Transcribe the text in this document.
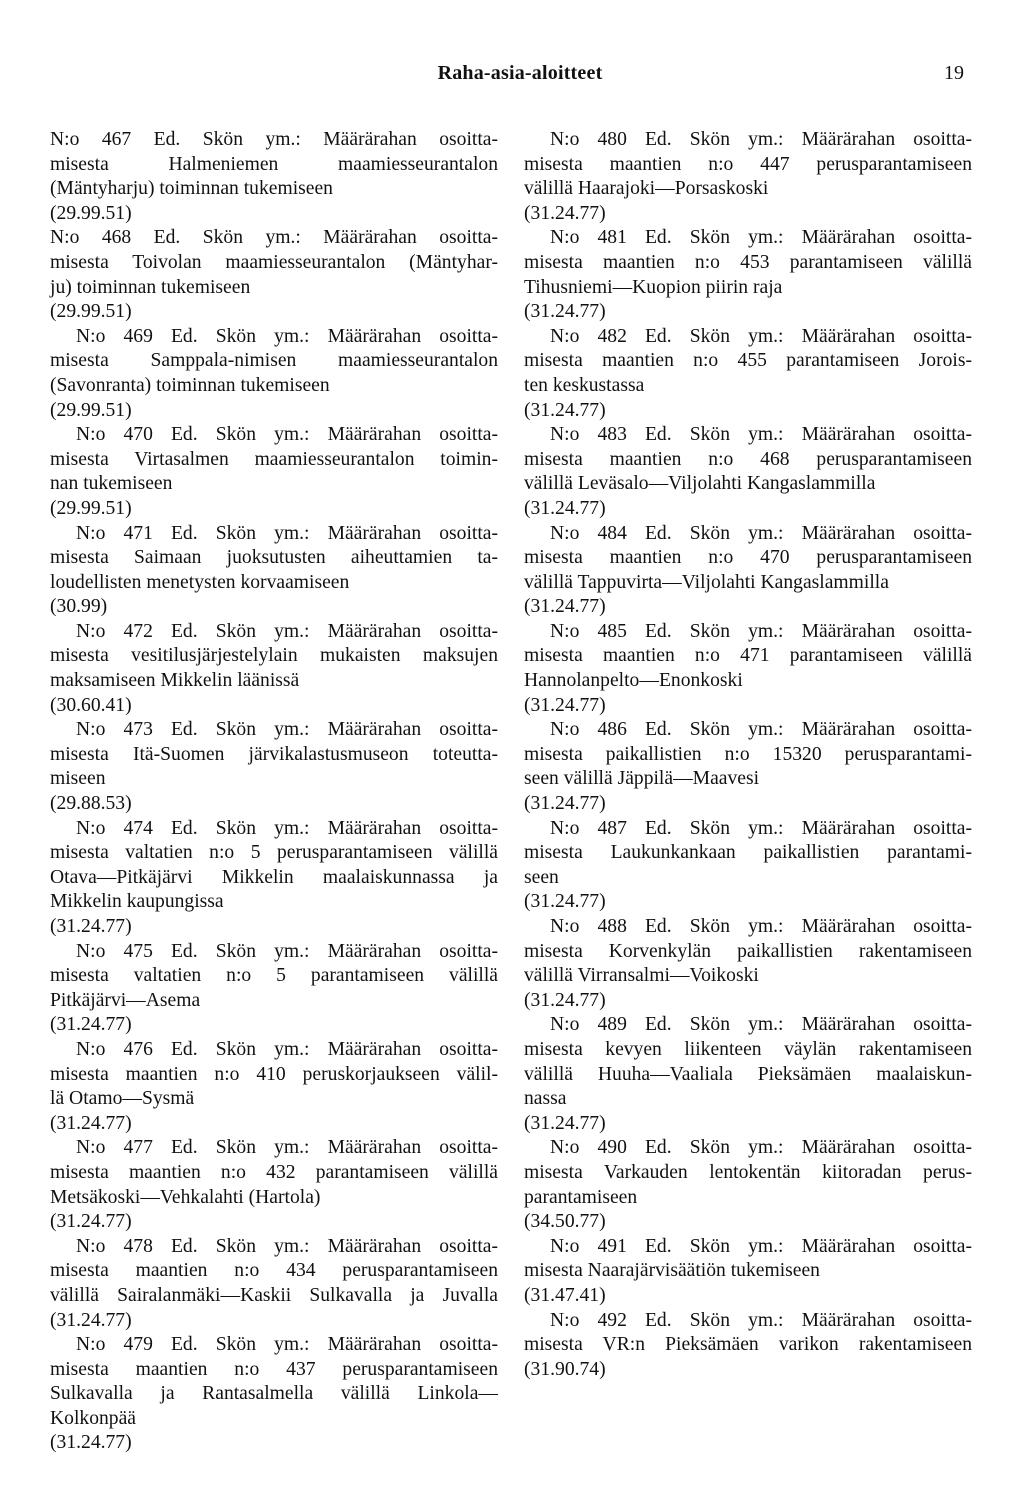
Raha-asia-aloitteet	19
N:o 467 Ed. Skön ym.: Määrärahan osoitta-
misesta Halmeniemen maamiesseurantalon
(Mäntyharju) toiminnan tukemiseen
(29.99.51)
N:o 468 Ed. Skön ym.: Määrärahan osoitta-
misesta Toivolan maamiesseurantalon (Mäntyhar-
ju) toiminnan tukemiseen
(29.99.51)
N:o 469 Ed. Skön ym.: Määrärahan osoitta-
misesta Samppala-nimisen maamiesseurantalon
(Savonranta) toiminnan tukemiseen
(29.99.51)
N:o 470 Ed. Skön ym.: Määrärahan osoitta-
misesta Virtasalmen maamiesseurantalon toimin-
nan tukemiseen
(29.99.51)
N:o 471 Ed. Skön ym.: Määrärahan osoitta-
misesta Saimaan juoksutusten aiheuttamien ta-
loudellisten menetysten korvaamiseen
(30.99)
N:o 472 Ed. Skön ym.: Määrärahan osoitta-
misesta vesitilusjärjestelylain mukaisten maksujen
maksamiseen Mikkelin läänissä
(30.60.41)
N:o 473 Ed. Skön ym.: Määrärahan osoitta-
misesta Itä-Suomen järvikalastusmuseon toteutta-
miseen
(29.88.53)
N:o 474 Ed. Skön ym.: Määrärahan osoitta-
misesta valtatien n:o 5 perusparantamiseen välillä
Otava—Pitkäjärvi Mikkelin maalaiskunnassa ja
Mikkelin kaupungissa
(31.24.77)
N:o 475 Ed. Skön ym.: Määrärahan osoitta-
misesta valtatien n:o 5 parantamiseen välillä
Pitkäjärvi—Asema
(31.24.77)
N:o 476 Ed. Skön ym.: Määrärahan osoitta-
misesta maantien n:o 410 peruskorjaukseen välil-
lä Otamo—Sysmä
(31.24.77)
N:o 477 Ed. Skön ym.: Määrärahan osoitta-
misesta maantien n:o 432 parantamiseen välillä
Metsäkoski—Vehkalahti (Hartola)
(31.24.77)
N:o 478 Ed. Skön ym.: Määrärahan osoitta-
misesta maantien n:o 434 perusparantamiseen
välillä Sairalanmäki—Kaskii Sulkavalla ja Juvalla
(31.24.77)
N:o 479 Ed. Skön ym.: Määrärahan osoitta-
misesta maantien n:o 437 perusparantamiseen
Sulkavalla ja Rantasalmella välillä Linkola—
Kolkonpää
(31.24.77)
N:o 480 Ed. Skön ym.: Määrärahan osoitta-
misesta maantien n:o 447 perusparantamiseen
välillä Haarajoki—Porsaskoski
(31.24.77)
N:o 481 Ed. Skön ym.: Määrärahan osoitta-
misesta maantien n:o 453 parantamiseen välillä
Tihusniemi—Kuopion piirin raja
(31.24.77)
N:o 482 Ed. Skön ym.: Määrärahan osoitta-
misesta maantien n:o 455 parantamiseen Jorois-
ten keskustassa
(31.24.77)
N:o 483 Ed. Skön ym.: Määrärahan osoitta-
misesta maantien n:o 468 perusparantamiseen
välillä Leväsalo—Viljolahti Kangaslammilla
(31.24.77)
N:o 484 Ed. Skön ym.: Määrärahan osoitta-
misesta maantien n:o 470 perusparantamiseen
välillä Tappuvirta—Viljolahti Kangaslammilla
(31.24.77)
N:o 485 Ed. Skön ym.: Määrärahan osoitta-
misesta maantien n:o 471 parantamiseen välillä
Hannolanpelto—Enonkoski
(31.24.77)
N:o 486 Ed. Skön ym.: Määrärahan osoitta-
misesta paikallistien n:o 15320 perusparantami-
seen välillä Jäppilä—Maavesi
(31.24.77)
N:o 487 Ed. Skön ym.: Määrärahan osoitta-
misesta Laukunkankaan paikallistien parantami-
seen
(31.24.77)
N:o 488 Ed. Skön ym.: Määrärahan osoitta-
misesta Korvenkylän paikallistien rakentamiseen
välillä Virransalmi—Voikoski
(31.24.77)
N:o 489 Ed. Skön ym.: Määrärahan osoitta-
misesta kevyen liikenteen väylän rakentamiseen
välillä Huuha—Vaaliala Pieksämäen maalaiskun-
nassa
(31.24.77)
N:o 490 Ed. Skön ym.: Määrärahan osoitta-
misesta Varkauden lentokentän kiitoradan perus-
parantamiseen
(34.50.77)
N:o 491 Ed. Skön ym.: Määrärahan osoitta-
misesta Naarajärvisäätiön tukemiseen
(31.47.41)
N:o 492 Ed. Skön ym.: Määrärahan osoitta-
misesta VR:n Pieksämäen varikon rakentamiseen
(31.90.74)
